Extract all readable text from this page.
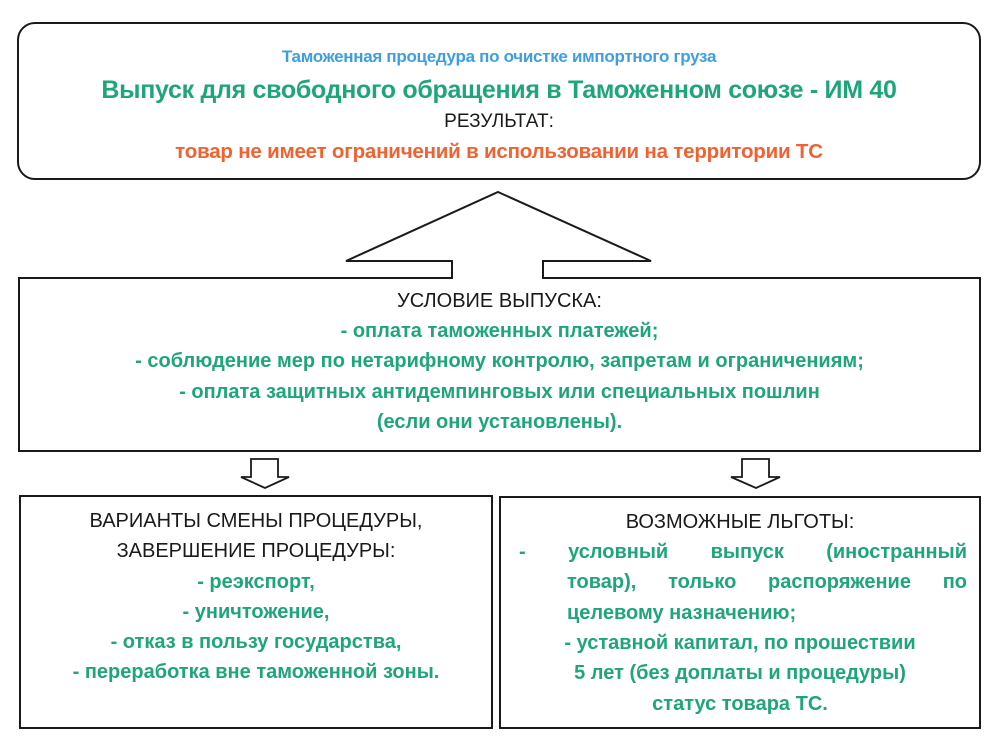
Таможенная процедура по очистке импортного груза
Выпуск для свободного обращения в Таможенном союзе - ИМ 40
РЕЗУЛЬТАТ:
товар не имеет ограничений в использовании на территории ТС
УСЛОВИЕ ВЫПУСКА:
- оплата таможенных платежей;
- соблюдение мер по нетарифному контролю, запретам и ограничениям;
- оплата защитных антидемпинговых или специальных пошлин
(если они установлены).
ВАРИАНТЫ СМЕНЫ ПРОЦЕДУРЫ,
ЗАВЕРШЕНИЕ ПРОЦЕДУРЫ:
- реэкспорт,
- уничтожение,
- отказ в пользу государства,
- переработка вне таможенной зоны.
ВОЗМОЖНЫЕ ЛЬГОТЫ:
- условный выпуск (иностранный
товар), только распоряжение по
целевому назначению;
- уставной капитал, по прошествии
5 лет (без доплаты и процедуры)
статус товара ТС.
